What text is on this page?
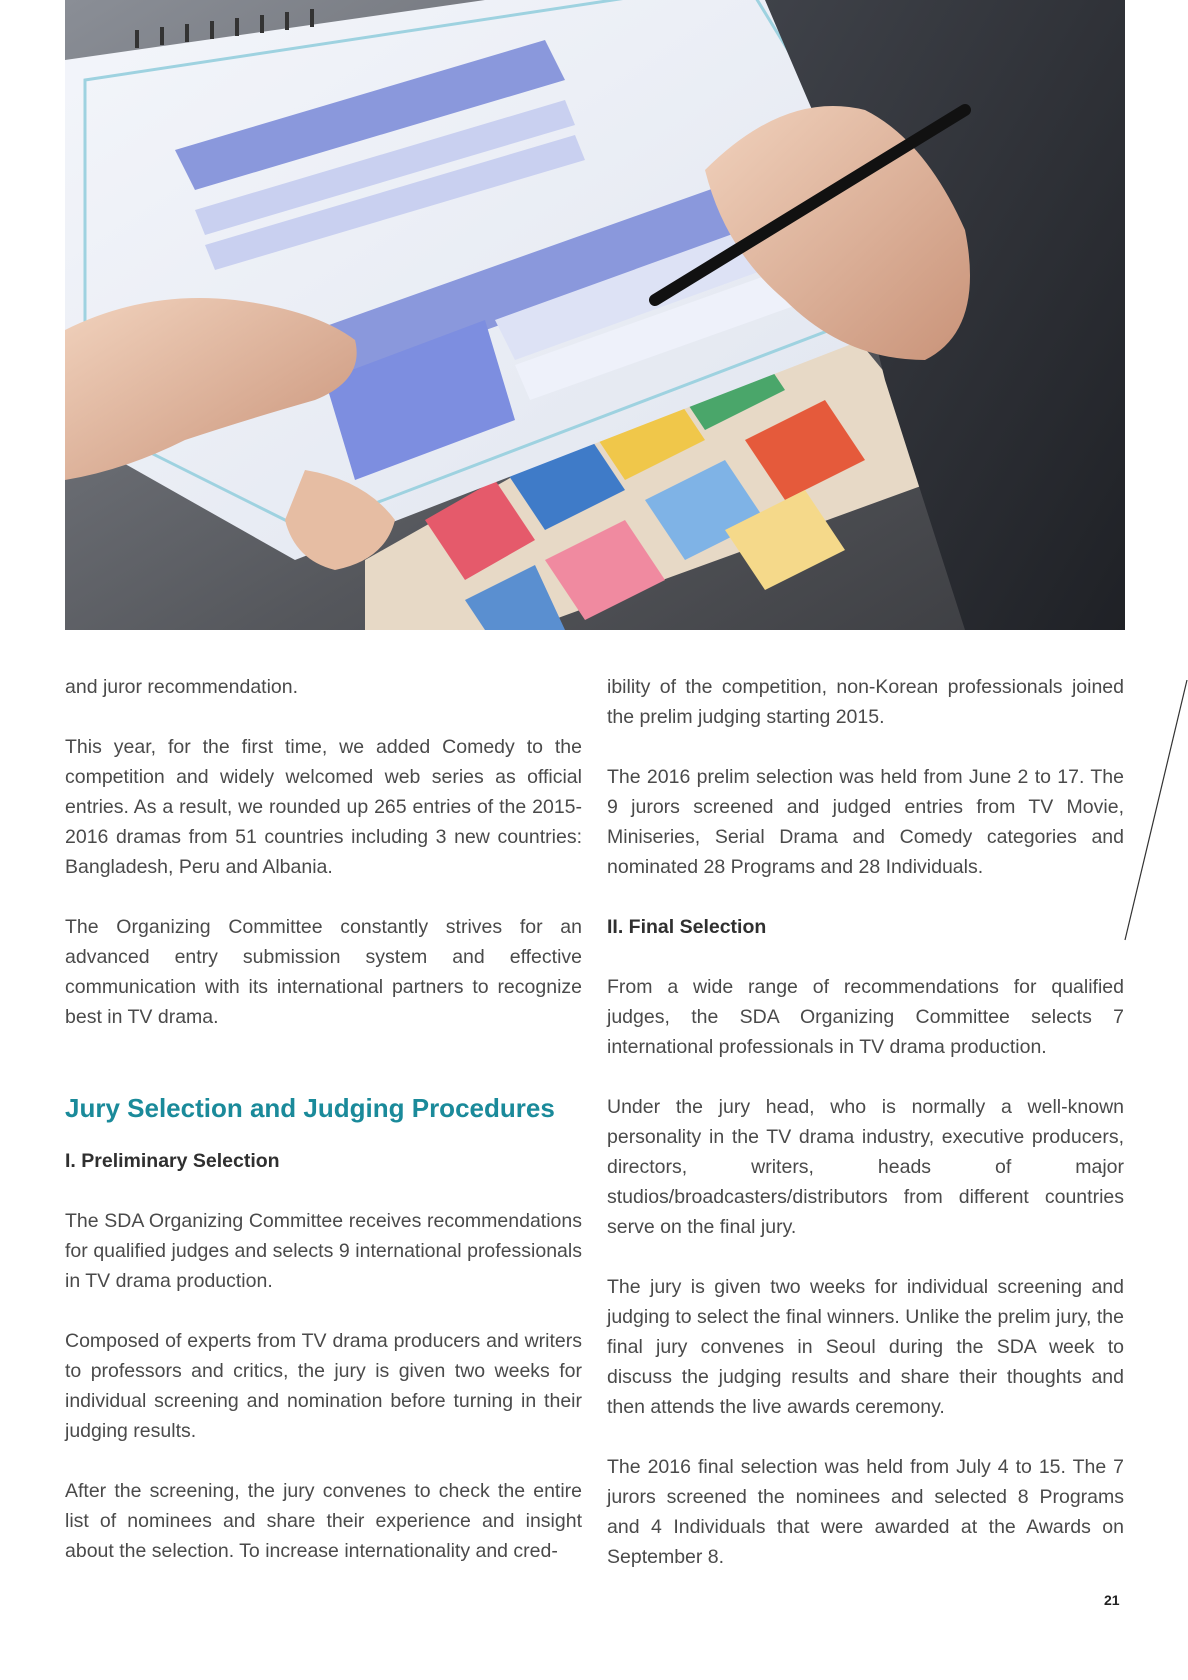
and juror recommendation.

This year, for the first time, we added Comedy to the competition and widely welcomed web series as official entries. As a result, we rounded up 265 entries of the 2015-2016 dramas from 51 countries including 3 new countries: Bangladesh, Peru and Albania.

The Organizing Committee constantly strives for an advanced entry submission system and effective communication with its international partners to recognize best in TV drama.

Jury Selection and Judging Procedures

I. Preliminary Selection

The SDA Organizing Committee receives recommendations for qualified judges and selects 9 international professionals in TV drama production.

Composed of experts from TV drama producers and writers to professors and critics, the jury is given two weeks for individual screening and nomination before turning in their judging results.

After the screening, the jury convenes to check the entire list of nominees and share their experience and insight about the selection. To increase internationality and cred-

ibility of the competition, non-Korean professionals joined the prelim judging starting 2015.

The 2016 prelim selection was held from June 2 to 17. The 9 jurors screened and judged entries from TV Movie, Miniseries, Serial Drama and Comedy categories and nominated 28 Programs and 28 Individuals.

II. Final Selection

From a wide range of recommendations for qualified judges, the SDA Organizing Committee selects 7 international professionals in TV drama production.

Under the jury head, who is normally a well-known personality in the TV drama industry, executive producers, directors, writers, heads of major studios/broadcasters/distributors from different countries serve on the final jury.

The jury is given two weeks for individual screening and judging to select the final winners. Unlike the prelim jury, the final jury convenes in Seoul during the SDA week to discuss the judging results and share their thoughts and then attends the live awards ceremony.

The 2016 final selection was held from July 4 to 15. The 7 jurors screened the nominees and selected 8 Programs and 4 Individuals that were awarded at the Awards on September 8.

21
